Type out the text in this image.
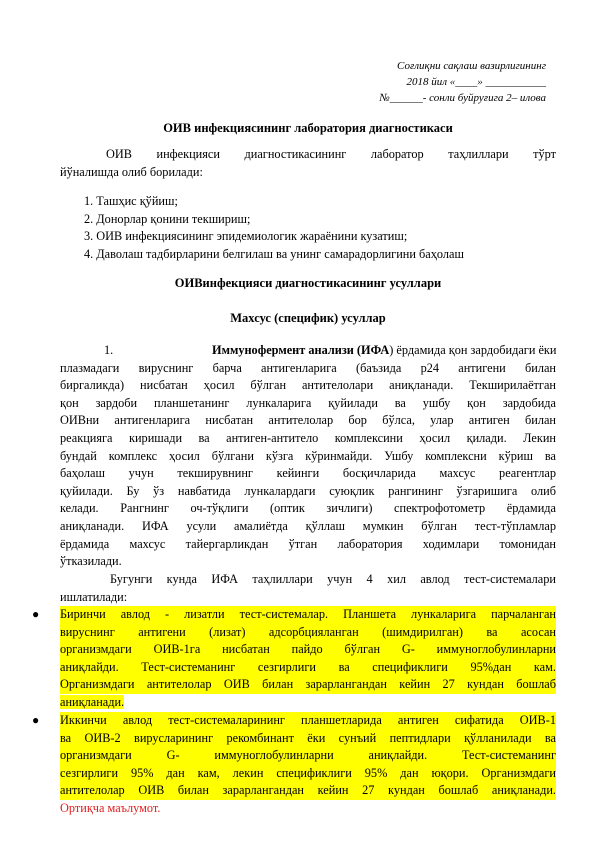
Соғлиқни сақлаш вазирлигининг
2018 йил «____» ___________
№______- сонли буйруғига 2– илова
ОИВ инфекциясининг лаборатория диагностикаси
ОИВ инфекцияси диагностикасининг лаборатор таҳлиллари тўрт
йўналишда олиб борилади:
1. Ташҳис қўйиш;
2. Донорлар қонини текшириш;
3. ОИВ инфекциясининг эпидемиологик жараёнини кузатиш;
4. Даволаш тадбирларини белгилаш ва унинг самарадорлигини баҳолаш
ОИВинфекцияси диагностикасининг усуллари
Махсус (специфик) усуллар
1.	Иммунофермент анализи (ИФА) ёрдамида қон зардобидаги ёки
плазмадаги вируснинг барча антигенларига (баъзида р24 антигени билан
биргаликда) нисбатан ҳосил бўлган антителолари аниқланади. Текширилаётган
қон зардоби планшетанинг лункаларига қуйилади ва ушбу қон зардобида
ОИВни антигенларига нисбатан антителолар бор бўлса, улар антиген билан
реакцияга киришади ва антиген-антитело комплексини ҳосил қилади. Лекин
бундай комплекс ҳосил бўлгани кўзга кўринмайди. Ушбу комплексни кўриш ва
баҳолаш учун текширувнинг кейинги босқичларида махсус реагентлар
қуйилади. Бу ўз навбатида лункалардаги суюқлик рангининг ўзгаришига олиб
келади. Рангнинг оч-тўқлиги (оптик зичлиги) спектрофотометр ёрдамида
аниқланади. ИФА усули амалиётда қўллаш мумкин бўлган тест-тўпламлар
ёрдамида махсус тайергарликдан ўтган лаборатория ходимлари томонидан
ўтказилади.
Бугунги кунда ИФА таҳлиллари учун 4 хил авлод тест-системалари
ишлатилади:
● Биринчи авлод - лизатли тест-системалар. Планшета лункаларига парчаланган
вируснинг антигени (лизат) адсорбцияланган (шимдирилган) ва асосан
организмдаги ОИВ-1га нисбатан пайдо бўлган G- иммуноглобулинларни
аниқлайди. Тест-системанинг сезгирлиги ва спецификлиги 95%дан кам.
Организмдаги антителолар ОИВ билан зарарлангандан кейин 27 кундан бошлаб
аниқланади.
● Иккинчи авлод тест-системаларининг планшетларида антиген сифатида ОИВ-1
ва ОИВ-2 вирусларининг рекомбинант ёки сунъий пептидлари қўлланилади ва
организмдаги   G-   иммуноглобулинларни   аниқлайди.   Тест-системанинг
сезгирлиги 95% дан кам, лекин спецификлиги 95% дан юқори. Организмдаги
антителолар ОИВ билан зарарлангандан кейин 27 кундан бошлаб аниқланади.
Ортиқча маълумот.
